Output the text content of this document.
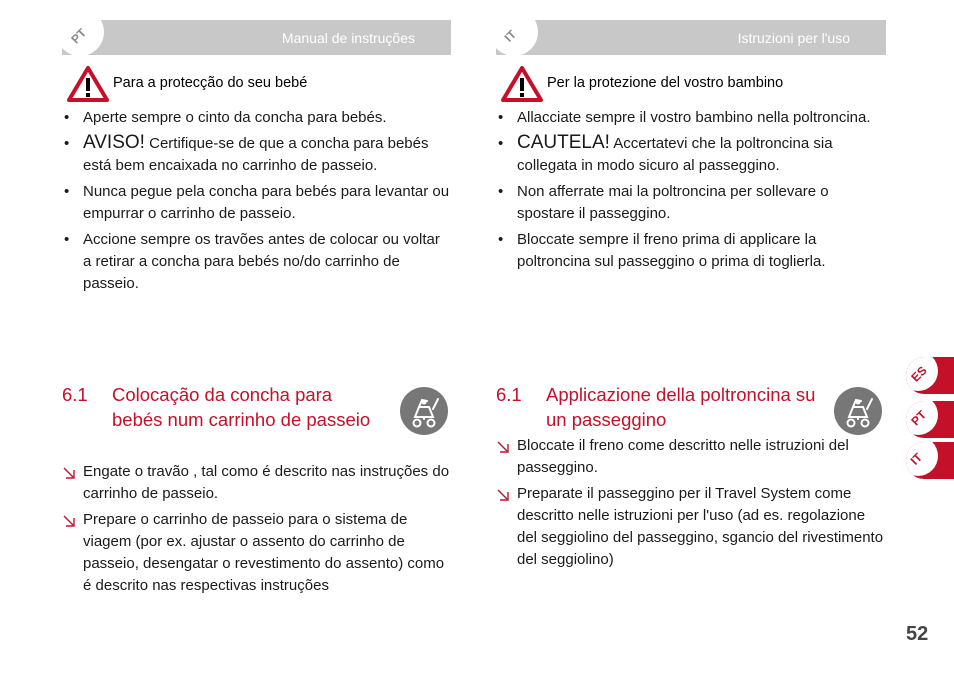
PT	Manual de instruções
Para a protecção do seu bebé
• Aperte sempre o cinto da concha para bebés.
• AVISO! Certifique-se de que a concha para bebés está bem encaixada no carrinho de passeio.
• Nunca pegue pela concha para bebés para levantar ou empurrar o carrinho de passeio.
• Accione sempre os travões antes de colocar ou voltar a retirar a concha para bebés no/do carrinho de passeio.
6.1 Colocação da concha para bebés num carrinho de passeio
Engate o travão , tal como é descrito nas instruções do carrinho de passeio.
Prepare o carrinho de passeio para o sistema de viagem (por ex. ajustar o assento do carrinho de passeio, desengatar o revestimento do assento) como é descrito nas respectivas instruções
IT	Istruzioni per l'uso
Per la protezione del vostro bambino
• Allacciate sempre il vostro bambino nella poltroncina.
• CAUTELA! Accertatevi che la poltroncina sia collegata in modo sicuro al passeggino.
• Non afferrate mai la poltroncina per sollevare o spostare il passeggino.
• Bloccate sempre il freno prima di applicare la poltroncina sul passeggino o prima di toglierla.
6.1 Applicazione della poltroncina su un passeggino
Bloccate il freno come descritto nelle istruzioni del passeggino.
Preparate il passeggino per il Travel System come descritto nelle istruzioni per l'uso (ad es. regolazione del seggiolino del passeggino, sgancio del rivestimento del seggiolino)
ES
PT
IT
52
